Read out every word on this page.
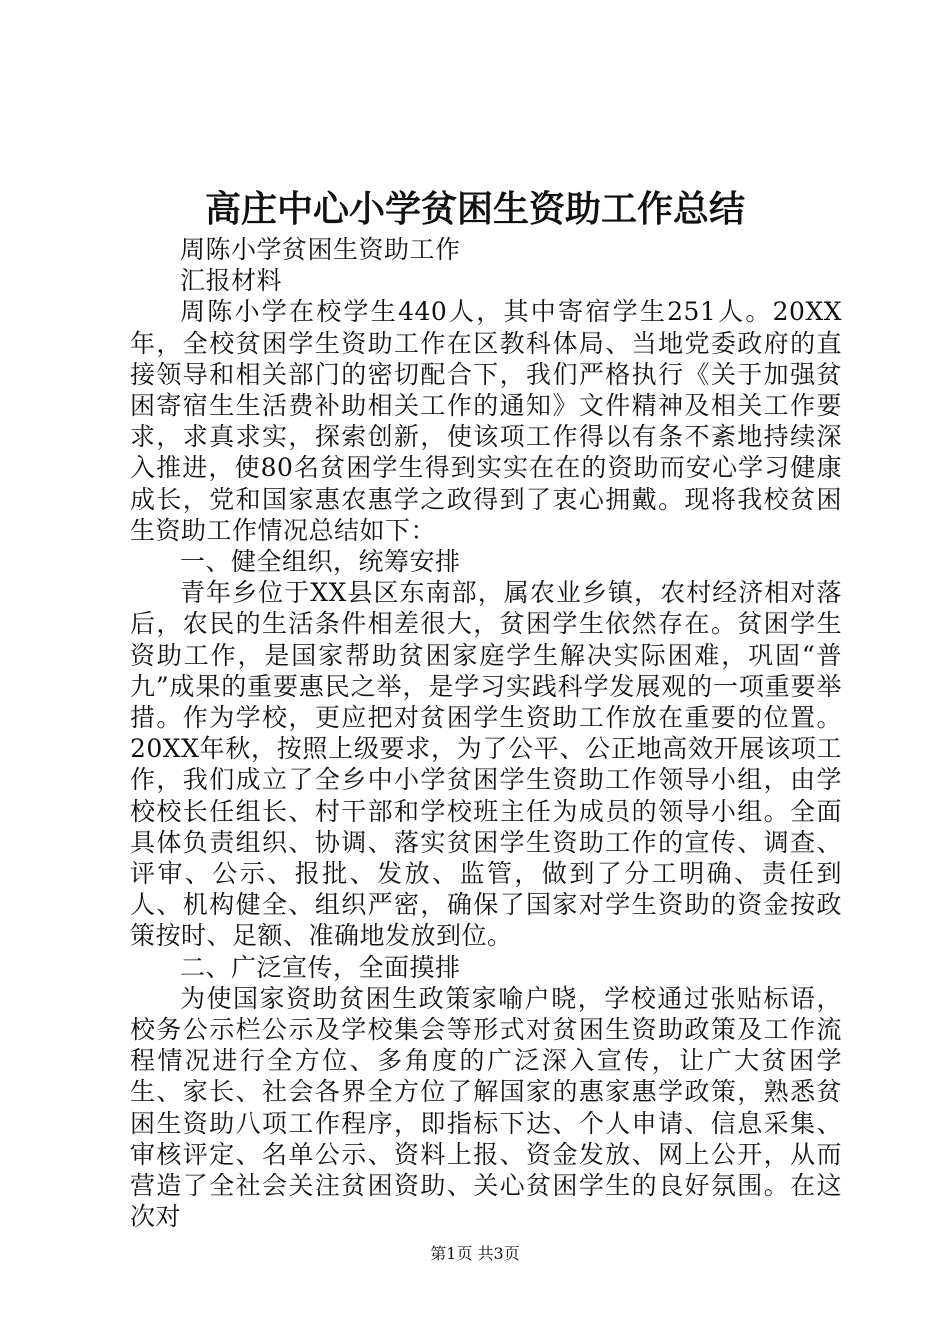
高庄中心小学贫困生资助工作总结

周陈小学贫困生资助工作

汇报材料

周陈小学在校学生440人，其中寄宿学生251人。20XX年，全校贫困学生资助工作在区教科体局、当地党委政府的直接领导和相关部门的密切配合下，我们严格执行《关于加强贫困寄宿生生活费补助相关工作的通知》文件精神及相关工作要求，求真求实，探索创新，使该项工作得以有条不紊地持续深入推进，使80名贫困学生得到实实在在的资助而安心学习健康成长，党和国家惠农惠学之政得到了衷心拥戴。现将我校贫困生资助工作情况总结如下：

一、健全组织，统筹安排

青年乡位于XX县区东南部，属农业乡镇，农村经济相对落后，农民的生活条件相差很大，贫困学生依然存在。贫困学生资助工作，是国家帮助贫困家庭学生解决实际困难，巩固“普九”成果的重要惠民之举，是学习实践科学发展观的一项重要举措。作为学校，更应把对贫困学生资助工作放在重要的位置。20XX年秋，按照上级要求，为了公平、公正地高效开展该项工作，我们成立了全乡中小学贫困学生资助工作领导小组，由学校校长任组长、村干部和学校班主任为成员的领导小组。全面具体负责组织、协调、落实贫困学生资助工作的宣传、调查、评审、公示、报批、发放、监管，做到了分工明确、责任到人、机构健全、组织严密，确保了国家对学生资助的资金按政策按时、足额、准确地发放到位。

二、广泛宣传，全面摸排

为使国家资助贫困生政策家喻户晓，学校通过张贴标语，校务公示栏公示及学校集会等形式对贫困生资助政策及工作流程情况进行全方位、多角度的广泛深入宣传，让广大贫困学生、家长、社会各界全方位了解国家的惠家惠学政策，熟悉贫困生资助八项工作程序，即指标下达、个人申请、信息采集、审核评定、名单公示、资料上报、资金发放、网上公开，从而营造了全社会关注贫困资助、关心贫困学生的良好氛围。在这次对

第1页 共3页
